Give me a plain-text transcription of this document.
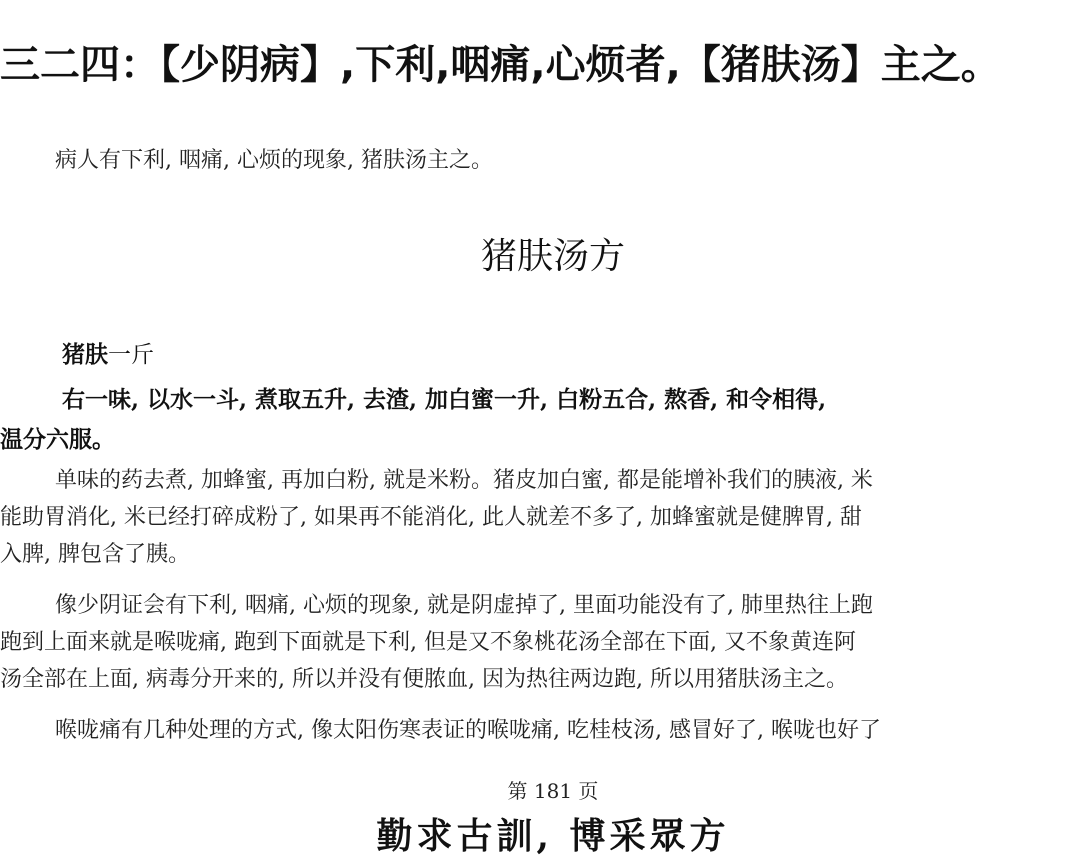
三二四：【少阴病】,下利,咽痛,心烦者,【猪肤汤】主之。
病人有下利, 咽痛, 心烦的现象, 猪肤汤主之。
猪肤汤方
猪肤一斤
右一味, 以水一斗, 煮取五升, 去渣, 加白蜜一升, 白粉五合, 熬香, 和令相得,
温分六服。
单味的药去煮, 加蜂蜜, 再加白粉, 就是米粉。猪皮加白蜜, 都是能增补我们的胰液, 米
能助胃消化, 米已经打碎成粉了, 如果再不能消化, 此人就差不多了, 加蜂蜜就是健脾胃, 甜
入脾, 脾包含了胰。
像少阴证会有下利, 咽痛, 心烦的现象, 就是阴虚掉了, 里面功能没有了, 肺里热往上跑
跑到上面来就是喉咙痛, 跑到下面就是下利, 但是又不象桃花汤全部在下面, 又不象黄连阿
汤全部在上面, 病毒分开来的, 所以并没有便脓血, 因为热往两边跑, 所以用猪肤汤主之。
喉咙痛有几种处理的方式, 像太阳伤寒表证的喉咙痛, 吃桂枝汤, 感冒好了, 喉咙也好了
第 181 页
勤求古訓, 博采眾方
